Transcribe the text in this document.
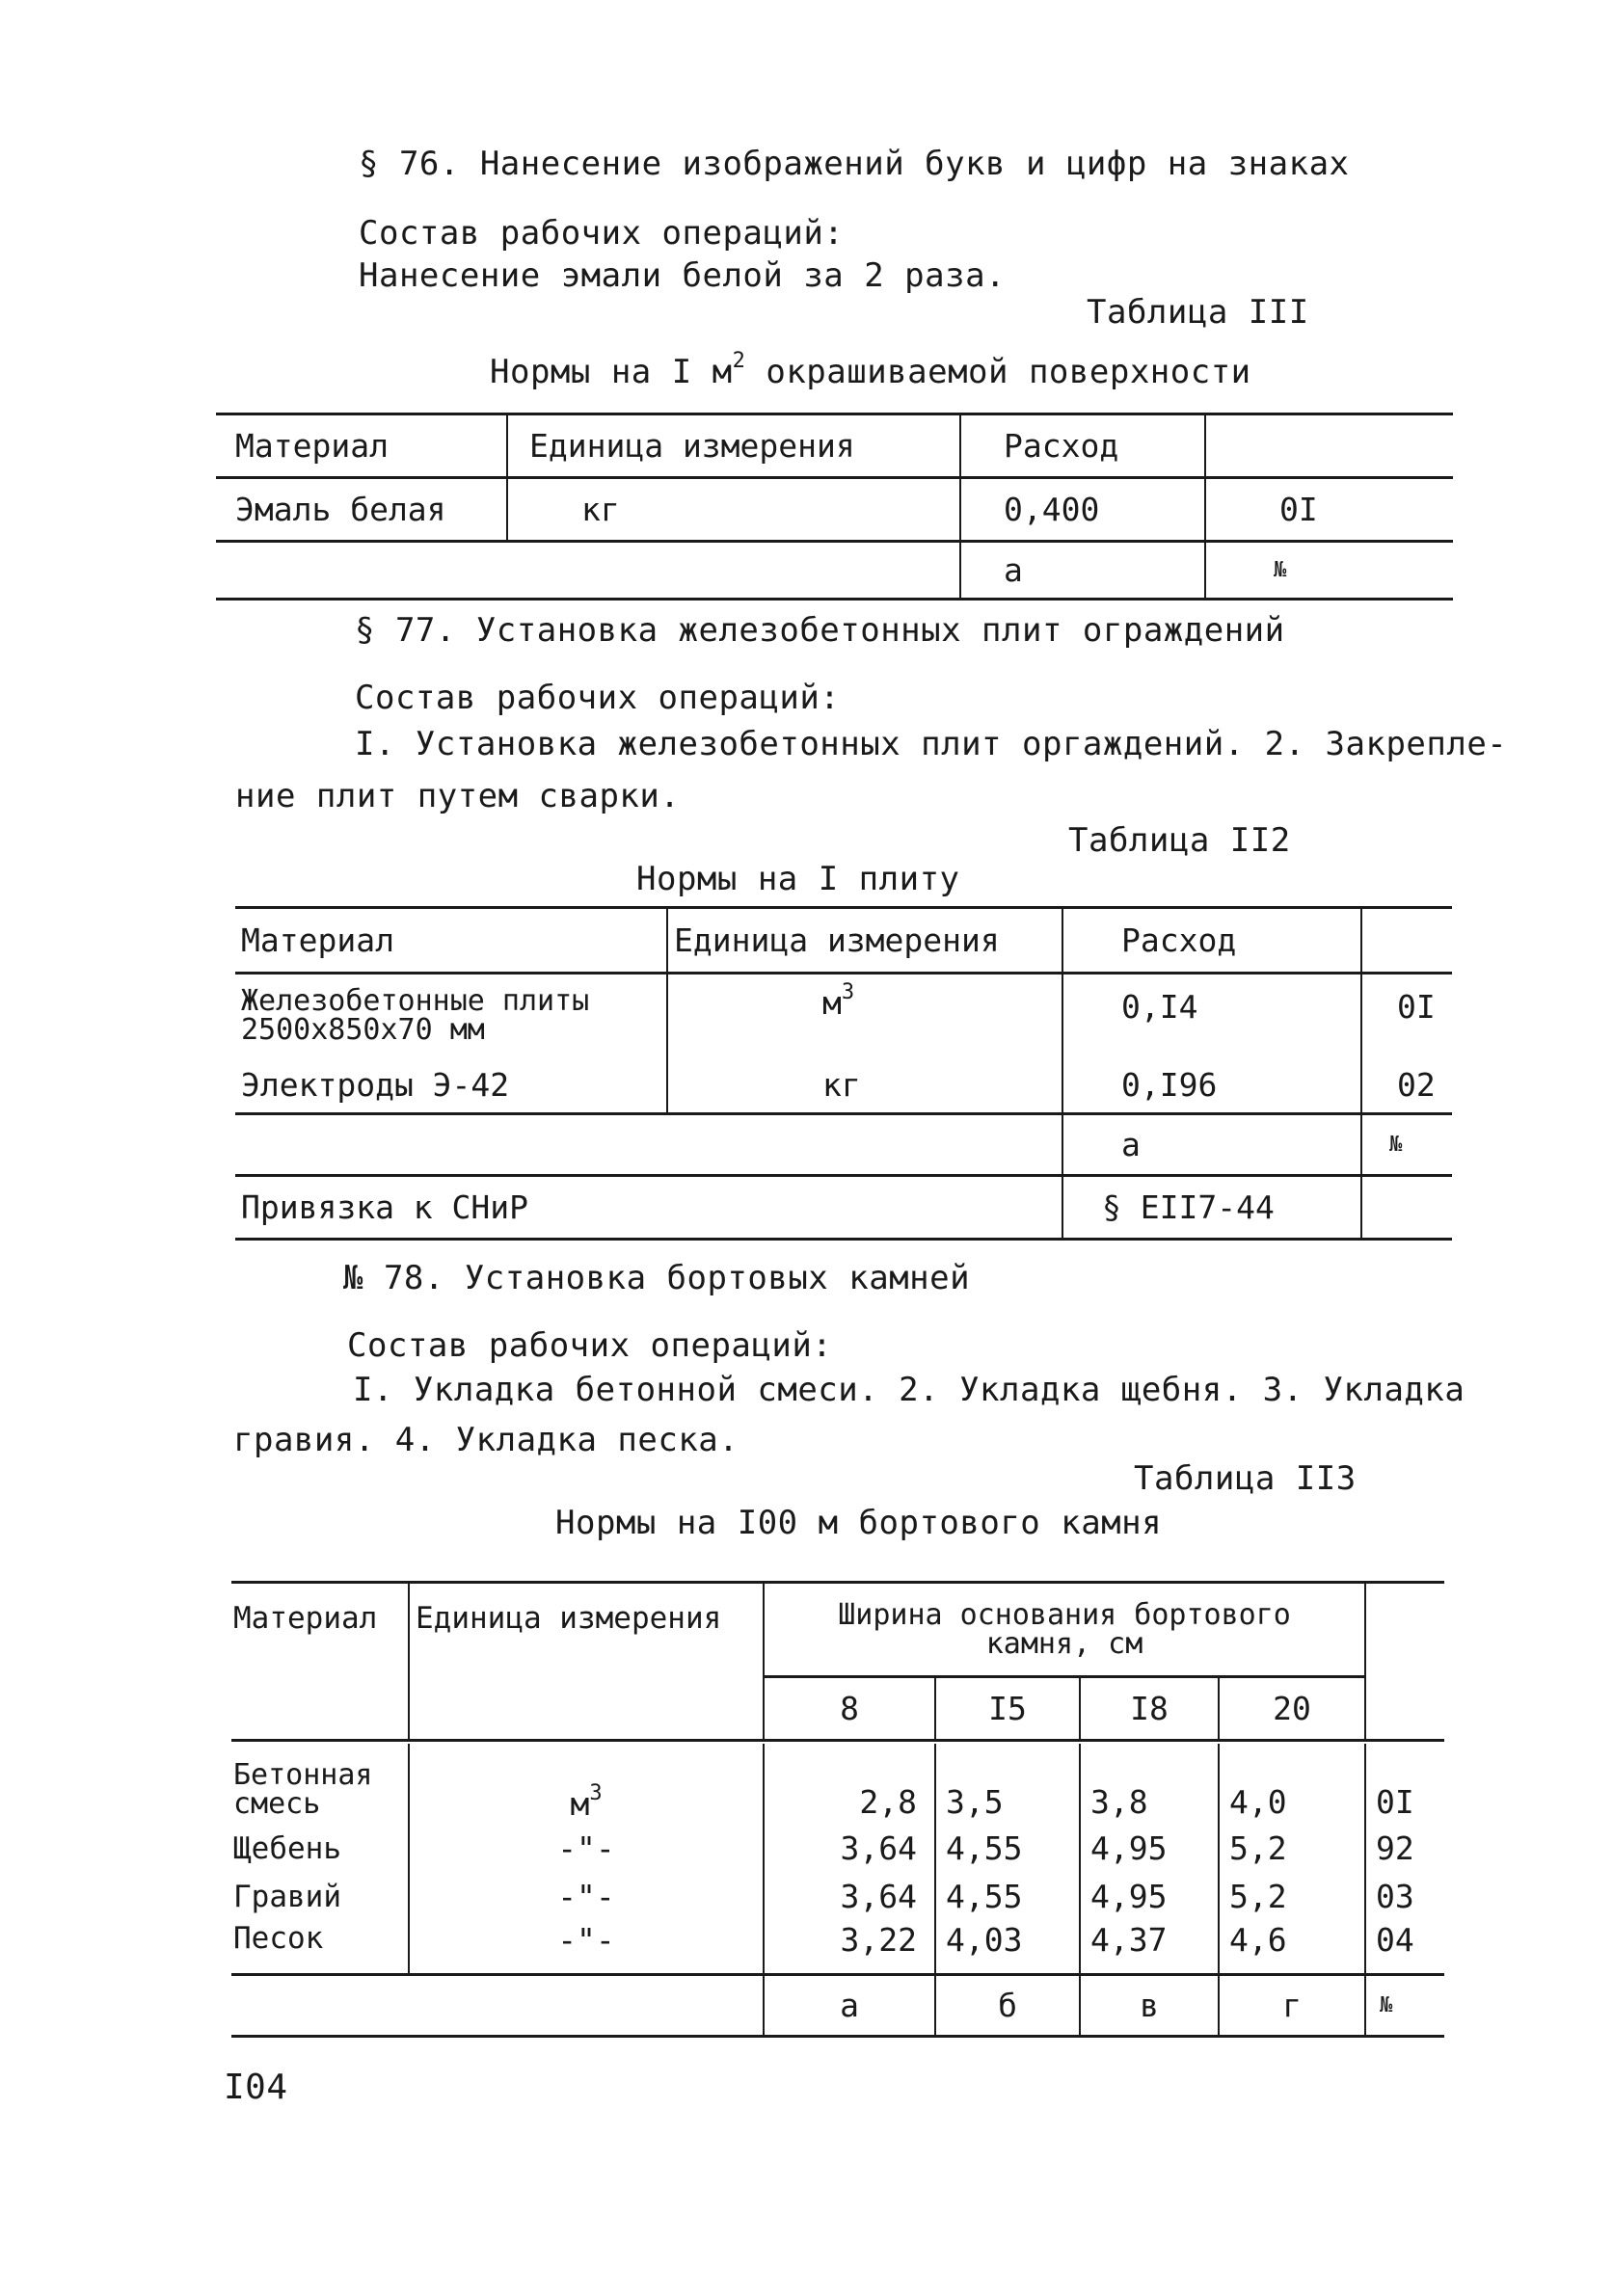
§ 76. Нанесение изображений букв и цифр на знаках
Состав рабочих операций:
Нанесение эмали белой за 2 раза.
Таблица III
Нормы на I $м^2$ окрашиваемой поверхности
Материал	Единица измерения	Расход	
Эмаль белая	кг	0,400	0I
		а	№
§ 77. Установка железобетонных плит ограждений
Состав рабочих операций:
I. Установка железобетонных плит оргаждений. 2. Закрепле-
ние плит путем сварки.
Таблица II2
Нормы на I плиту
Материал	Единица измерения	Расход	

Железобетонные плиты
2500х850х70 мм	$м^3$	0,I4	0I
Электроды Э-42	кг	0,I96	02
		а	№
Привязка к СНиР		§ ЕII7-44	
№ 78. Установка бортовых камней
Состав рабочих операций:
I. Укладка бетонной смеси. 2. Укладка щебня. 3. Укладка
гравия. 4. Укладка песка.
Таблица II3
Нормы на I00 м бортового камня
Материал	Единица измерения	Ширина основания бортового
камня, см				

		8	I5	I8	20	

Бетонная
смесь	$м^3$	2,8	3,5	3,8	4,0	0I
Щебень	-"-	3,64	4,55	4,95	5,2	92
Гравий	-"-	3,64	4,55	4,95	5,2	03
Песок	-"-	3,22	4,03	4,37	4,6	04
		а	б	в	г	№
I04
